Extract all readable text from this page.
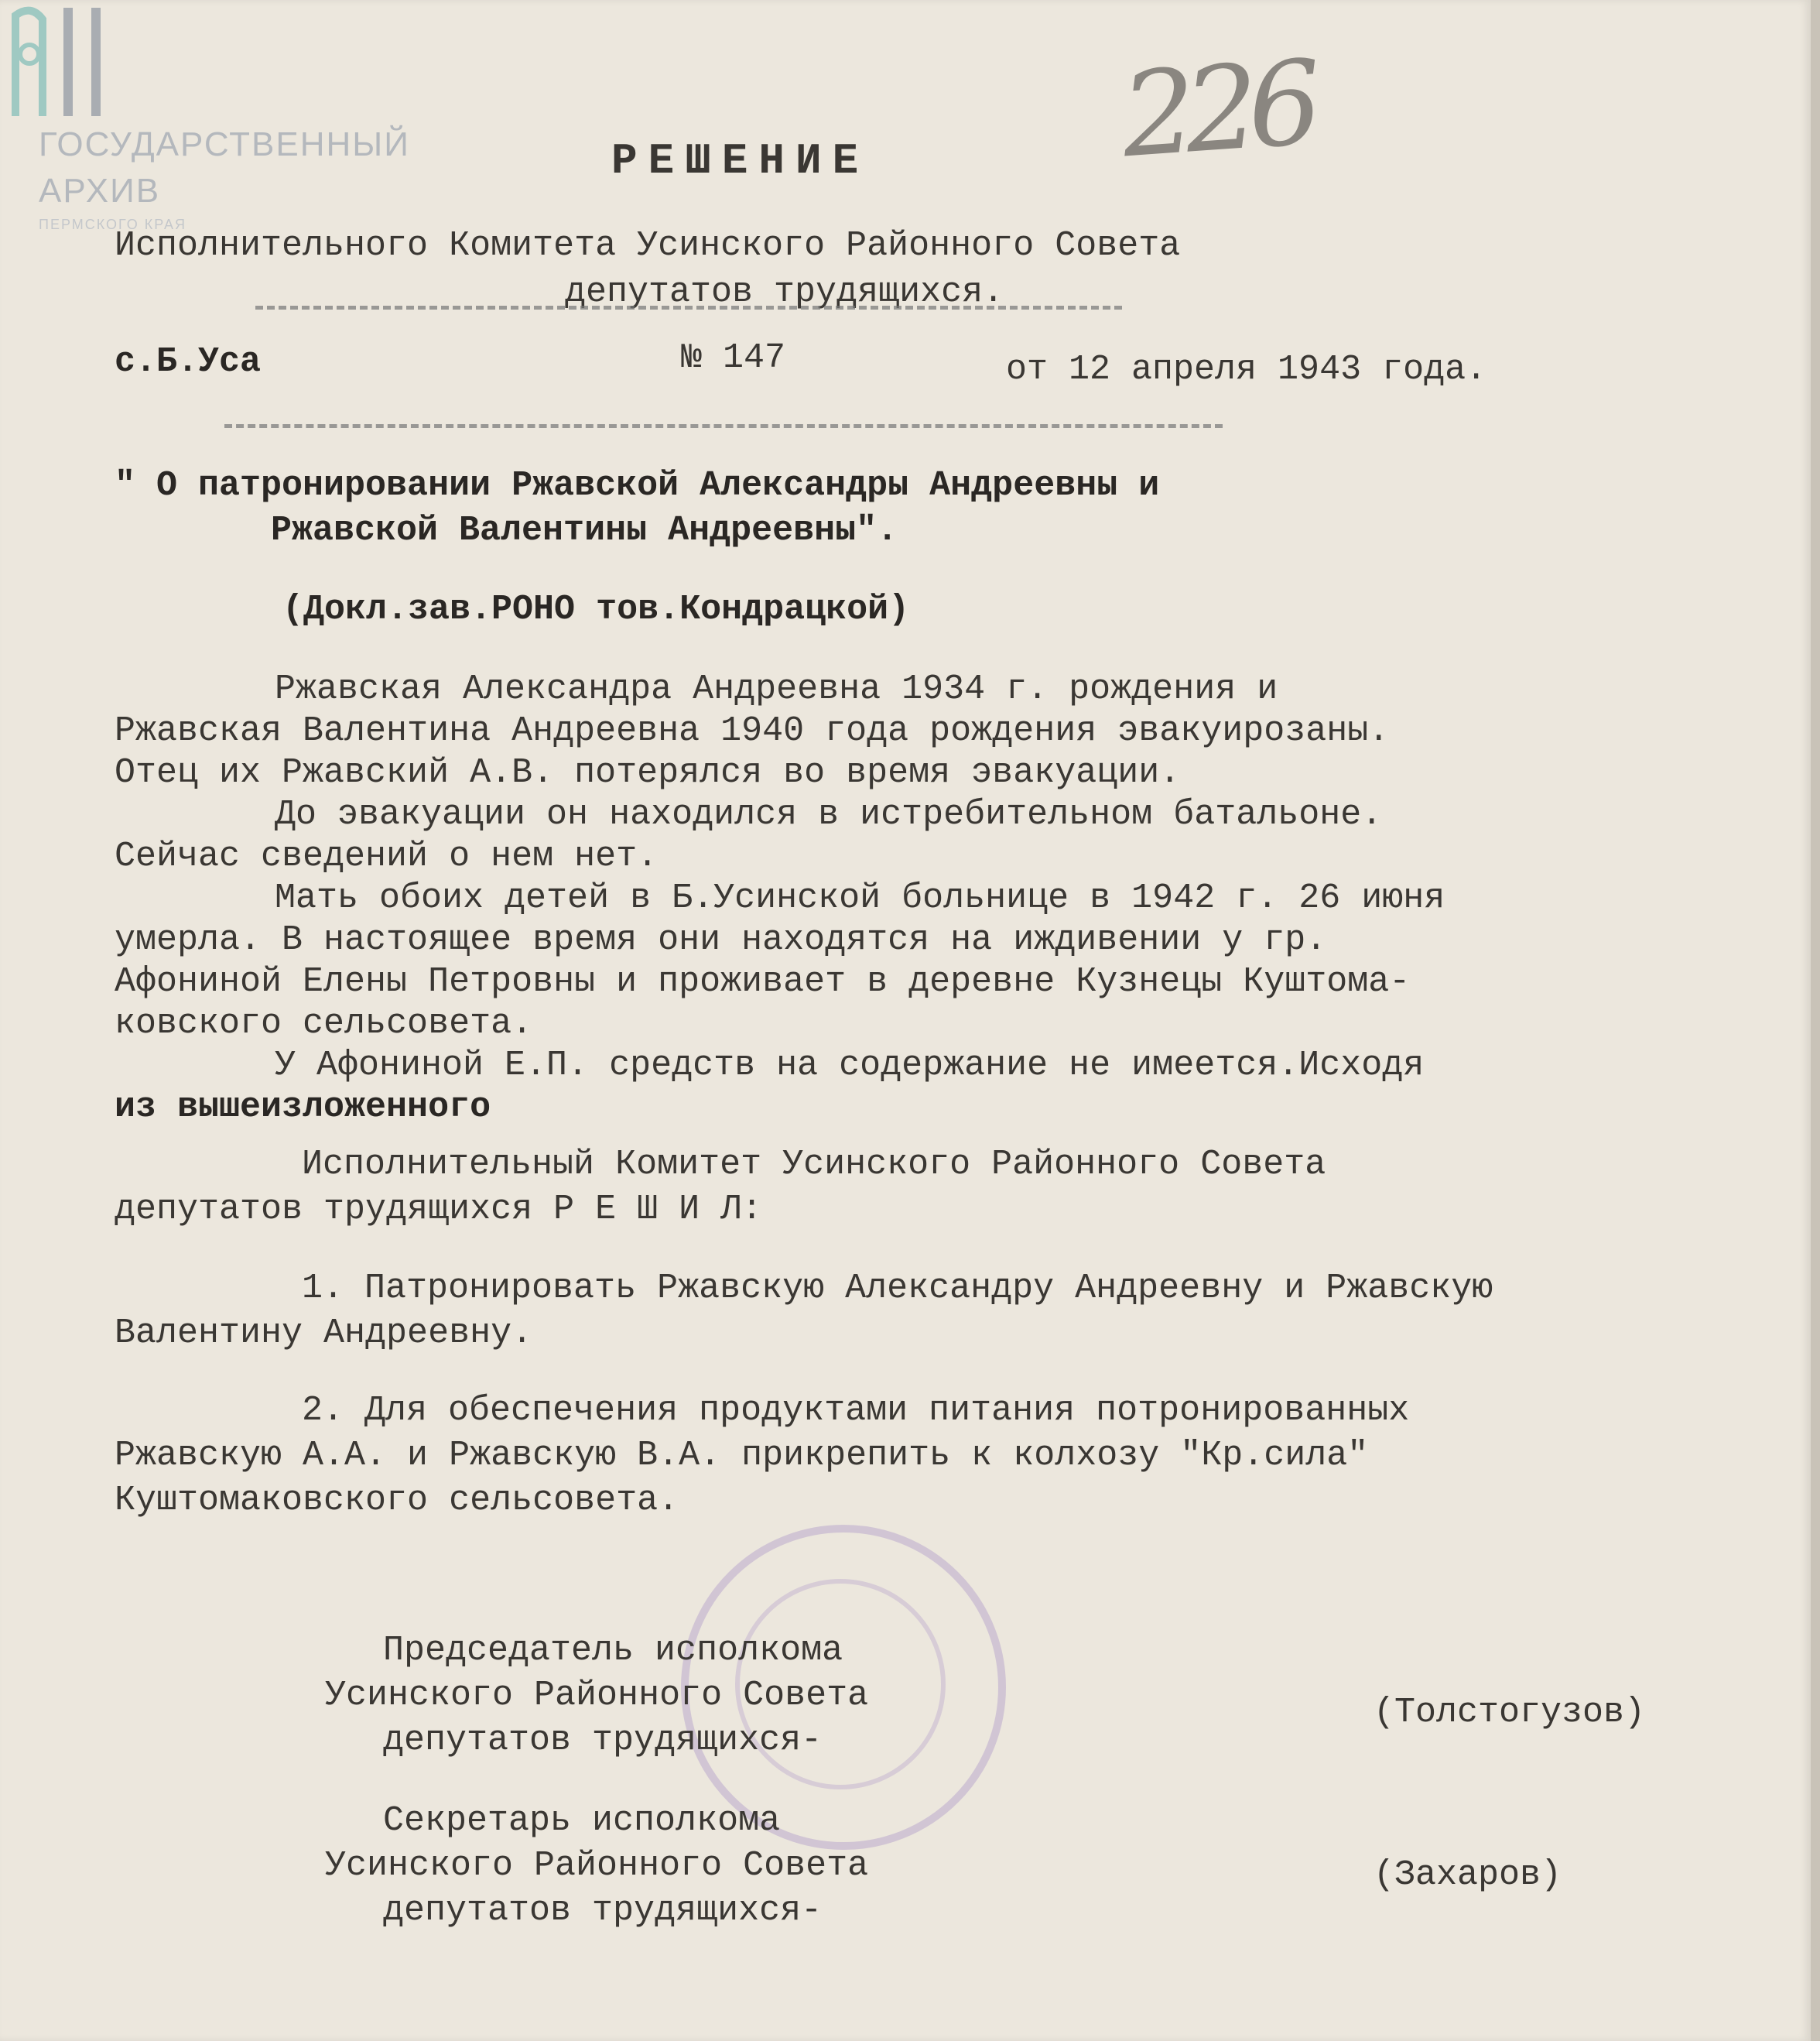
ГОСУДАРСТВЕННЫЙ
АРХИВ
ПЕРМСКОГО КРАЯ
226
РЕШЕНИЕ
Исполнительного Комитета Усинского Районного Совета
депутатов трудящихся.
с.Б.Уса	№ 147	от 12 апреля 1943 года.
" О патронировании Ржавской Александры Андреевны и
Ржавской Валентины Андреевны".
(Докл.зав.РОНО тов.Кондрацкой)
Ржавская Александра Андреевна 1934 г. рождения и
Ржавская Валентина Андреевна 1940 года рождения эвакуирозаны.
Отец их Ржавский А.В. потерялся во время эвакуации.
До эвакуации он находился в истребительном батальоне.
Сейчас сведений о нем нет.
Мать обоих детей в Б.Усинской больнице в 1942 г. 26 июня
умерла. В настоящее время они находятся на иждивении у гр.
Афониной Елены Петровны и проживает в деревне Кузнецы Куштома-
ковского сельсовета.
У Афониной Е.П. средств на содержание не имеется.Исходя
из вышеизложенного
Исполнительный Комитет Усинского Районного Совета
депутатов трудящихся Р Е Ш И Л:
1. Патронировать Ржавскую Александру Андреевну и Ржавскую
Валентину Андреевну.
2. Для обеспечения продуктами питания потронированных
Ржавскую А.А. и Ржавскую В.А. прикрепить к колхозу "Кр.сила"
Куштомаковского сельсовета.
Председатель исполкома
Усинского Районного Совета
депутатов трудящихся-
(Толстогузов)
Секретарь исполкома
Усинского Районного Совета
депутатов трудящихся-
(Захаров)
